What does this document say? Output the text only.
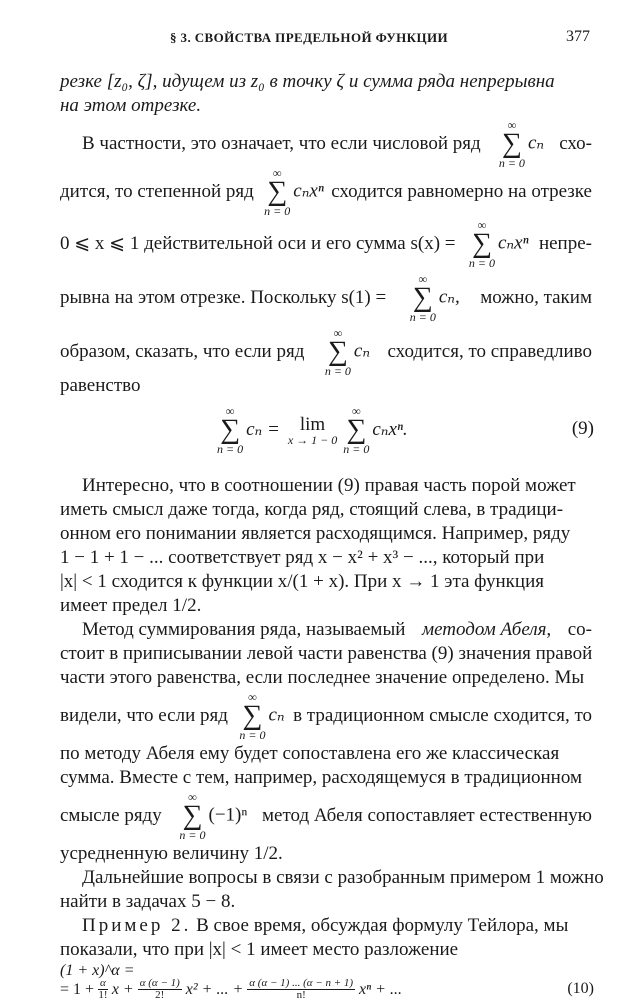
§ 3. СВОЙСТВА ПРЕДЕЛЬНОЙ ФУНКЦИИ	377
резке [z₀, ζ], идущем из z₀ в точку ζ и сумма ряда непрерывна
на этом отрезке.
В частности, это означает, что если числовой ряд
∞
∑
n = 0
cₙ схо-
дится, то степенной ряд
∞
∑
n = 0
cₙxⁿ сходится равномерно на отрезке
0 ⩽ x ⩽ 1 действительной оси и его сумма s(x) =
∞
∑
n = 0
cₙxⁿ непре-
рывна на этом отрезке. Поскольку s(1) =
∞
∑
n = 0
cₙ, можно, таким
образом, сказать, что если ряд
∞
∑
n = 0
cₙ сходится, то справедливо
равенство
∞
∑
n = 0
cₙ = lim
x → 1 − 0
∞
∑
n = 0
cₙxⁿ.	(9)
Интересно, что в соотношении (9) правая часть порой может
иметь смысл даже тогда, когда ряд, стоящий слева, в традици-
онном его понимании является расходящимся. Например, ряду
1 − 1 + 1 − ... соответствует ряд x − x² + x³ − ..., который при
|x| < 1 сходится к функции x/(1 + x). При x → 1 эта функция
имеет предел 1/2.
Метод суммирования ряда, называемый методом Абеля, со-
стоит в приписывании левой части равенства (9) значения правой
части этого равенства, если последнее значение определено. Мы
видели, что если ряд
∞
∑
n = 0
cₙ в традиционном смысле сходится, то
по методу Абеля ему будет сопоставлена его же классическая
сумма. Вместе с тем, например, расходящемуся в традиционном
смысле ряду
∞
∑
n = 0
(−1)ⁿ метод Абеля сопоставляет естественную
усредненную величину 1/2.
Дальнейшие вопросы в связи с разобранным примером 1 можно
найти в задачах 5 − 8.
Пример 2. В свое время, обсуждая формулу Тейлора, мы
показали, что при |x| < 1 имеет место разложение
(1 + x)^α =
= $1 + \frac{\alpha}{1!}$ $x + \frac{\alpha (\alpha - 1)}{2!} x^2$ + ... + $\frac{\alpha (\alpha - 1) ... (\alpha - n + 1)}{n!}$ xⁿ + ...	(10)
